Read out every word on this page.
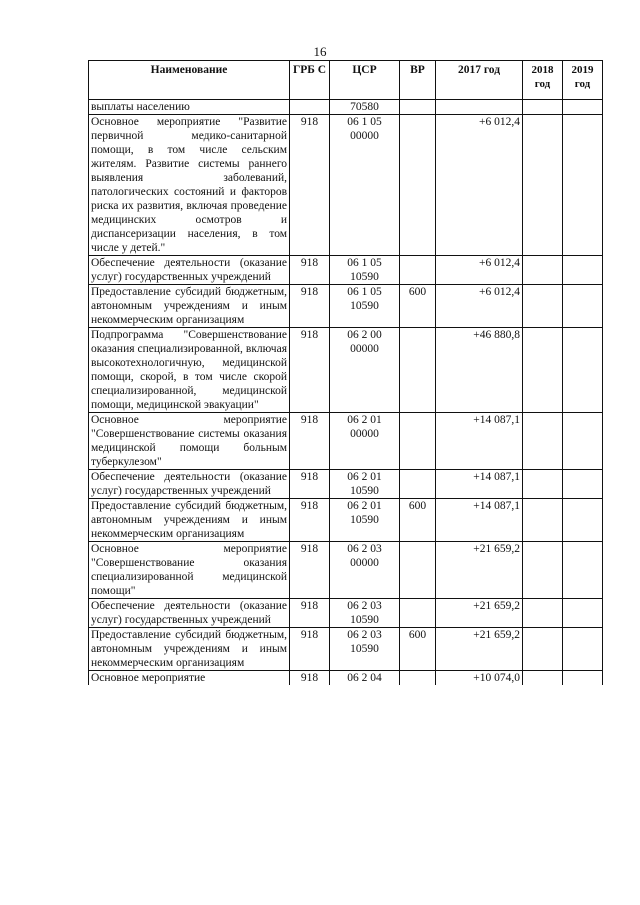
16
Наименование	ГРБ С	ЦСР	ВР	2017 год	2018 год	2019 год
выплаты населению		70580				
Основное мероприятие "Развитие первичной медико-санитарной помощи, в том числе сельским жителям. Развитие системы раннего выявления заболеваний, патологических состояний и факторов риска их развития, включая проведение медицинских осмотров и диспансеризации населения, в том числе у детей."	918	06 1 05 00000		+6 012,4		
Обеспечение деятельности (оказание услуг) государственных учреждений	918	06 1 05 10590		+6 012,4		
Предоставление субсидий бюджетным, автономным учреждениям и иным некоммерческим организациям	918	06 1 05 10590	600	+6 012,4		
Подпрограмма "Совершенствование оказания специализированной, включая высокотехнологичную, медицинской помощи, скорой, в том числе скорой специализированной, медицинской помощи, медицинской эвакуации"	918	06 2 00 00000		+46 880,8		
Основное мероприятие "Совершенствование системы оказания медицинской помощи больным туберкулезом"	918	06 2 01 00000		+14 087,1		
Обеспечение деятельности (оказание услуг) государственных учреждений	918	06 2 01 10590		+14 087,1		
Предоставление субсидий бюджетным, автономным учреждениям и иным некоммерческим организациям	918	06 2 01 10590	600	+14 087,1		
Основное мероприятие "Совершенствование оказания специализированной медицинской помощи"	918	06 2 03 00000		+21 659,2		
Обеспечение деятельности (оказание услуг) государственных учреждений	918	06 2 03 10590		+21 659,2		
Предоставление субсидий бюджетным, автономным учреждениям и иным некоммерческим организациям	918	06 2 03 10590	600	+21 659,2		
Основное мероприятие	918	06 2 04		+10 074,0		
